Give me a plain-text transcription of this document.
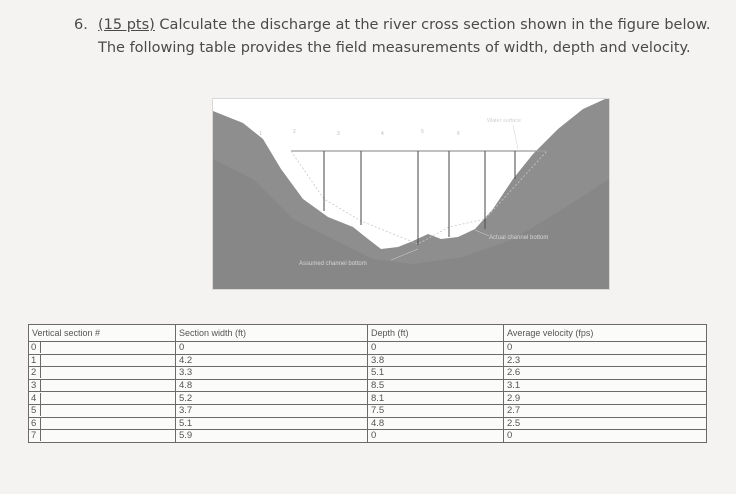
6. (15 pts) Calculate the discharge at the river cross section shown in the figure below. The following table provides the field measurements of width, depth and velocity.
1	2	3	4	5	6
Water surface
Assumed channel bottom
Actual channel bottom
Vertical section #	Section width (ft)	Depth (ft)	Average velocity (fps)
0	0	0	0
1	4.2	3.8	2.3
2	3.3	5.1	2.6
3	4.8	8.5	3.1
4	5.2	8.1	2.9
5	3.7	7.5	2.7
6	5.1	4.8	2.5
7	5.9	0	0
